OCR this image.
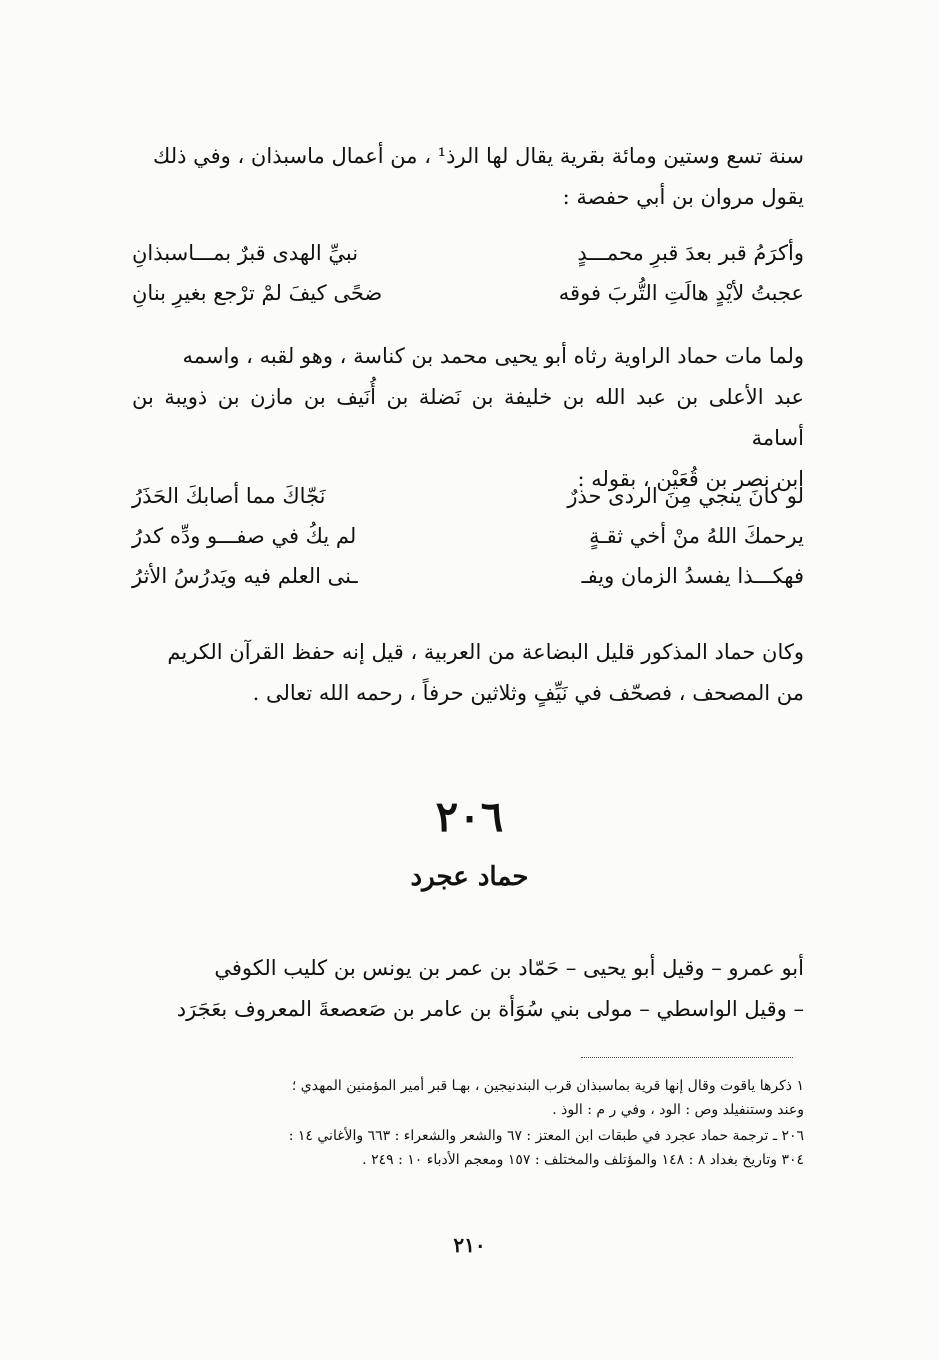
سنة تسع وستين ومائة بقرية يقال لها الرذ¹ ، من أعمال ماسبذان ، وفي ذلك
يقول مروان بن أبي حفصة :
وأكرَمُ قبر بعدَ قبرِ محمـــدٍ
نبيِّ الهدى قبرٌ بمـــاسبذانِ
عجبتُ لأيْدٍ هالَتِ التُّربَ فوقه
ضحًى كيفَ لمْ ترْجع بغيرِ بنانِ
ولما مات حماد الراوية رثاه أبو يحيى محمد بن كناسة ، وهو لقبه ، واسمه
عبد الأعلى بن عبد الله بن خليفة بن نَضلة بن أُنَيف بن مازن بن ذويبة بن أسامة
ابن نصر بن قُعَيْن ، بقوله :
لو كانَ ينجي مِنَ الردى حذرٌ
نَجّاكَ مما أصابكَ الحَذَرُ
يرحمكَ اللهُ منْ أخي ثقـةٍ
لم يكُ في صفـــو ودِّه كدرُ
فهكـــذا يفسدُ الزمان ويفـ
ـنى العلم فيه ويَدرُسُ الأثرُ
وكان حماد المذكور قليل البضاعة من العربية ، قيل إنه حفظ القرآن الكريم
من المصحف ، فصحّف في نَيِّفٍ وثلاثين حرفاً ، رحمه الله تعالى .
٢٠٦
حماد عجرد
أبو عمرو – وقيل أبو يحيى – حَمّاد بن عمر بن يونس بن كليب الكوفي
– وقيل الواسطي – مولى بني سُوَأة بن عامر بن صَعصعةَ المعروف بعَجَرَد
١ ذكرها ياقوت وقال إنها قرية بماسبذان قرب البندنيجين ، بهـا قبر أمير المؤمنين المهدي ؛
وعند وستنفيلد وص : الود ، وفي ر م : الوذ .
٢٠٦ ـ ترجمة حماد عجرد في طبقات ابن المعتز : ٦٧ والشعر والشعراء : ٦٦٣ والأغاني ١٤ :
٣٠٤ وتاريخ بغداد ٨ : ١٤٨ والمؤتلف والمختلف : ١٥٧ ومعجم الأدباء ١٠ : ٢٤٩ .
٢١٠
